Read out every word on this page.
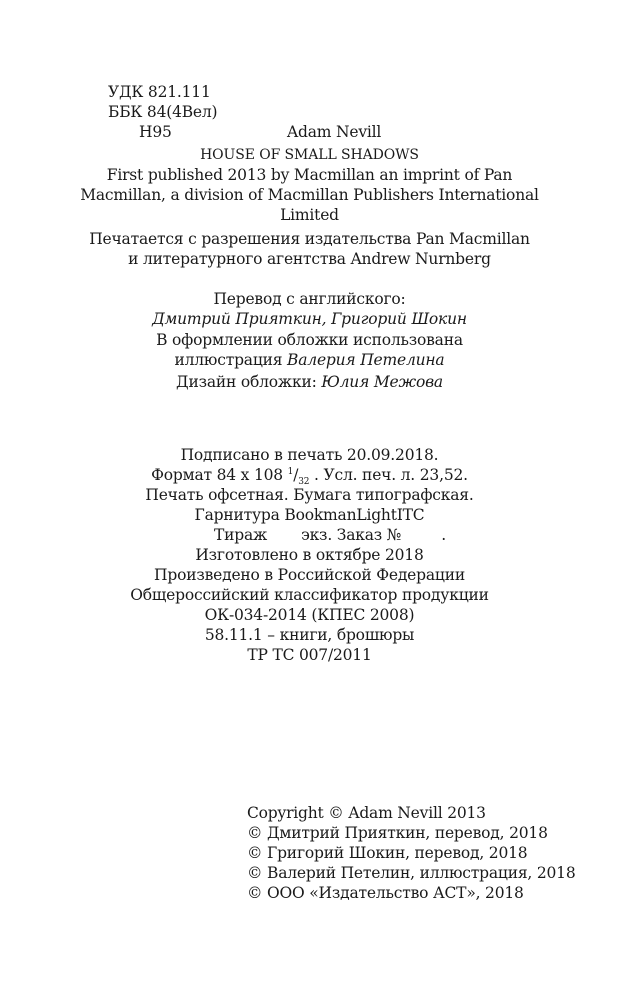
УДК 821.111
ББК 84(4Вел)
Н95	Adam Nevill
HOUSE OF SMALL SHADOWS
First published 2013 by Macmillan an imprint of Pan
Macmillan, a division of Macmillan Publishers International
Limited
Печатается с разрешения издательства Pan Macmillan
и литературного агентства Andrew Nurnberg
Перевод с английского:
Дмитрий Прияткин, Григорий Шокин
В оформлении обложки использована
иллюстрация Валерия Петелина
Дизайн обложки: Юлия Межова
Подписано в печать 20.09.2018.
Формат 84 x 108 $^1/_{32}$ . Усл. печ. л. 23,52.
Печать офсетная. Бумага типографская.
Гарнитура BookmanLightITC
Тираж экз. Заказ №	.
Изготовлено в октябре 2018
Произведено в Российской Федерации
Общероссийский классификатор продукции
ОК-034-2014 (КПЕС 2008)
58.11.1 – книги, брошюры
ТР ТС 007/2011
Copyright © Adam Nevill 2013
© Дмитрий Прияткин, перевод, 2018
© Григорий Шокин, перевод, 2018
© Валерий Петелин, иллюстрация, 2018
© ООО «Издательство АСТ», 2018
